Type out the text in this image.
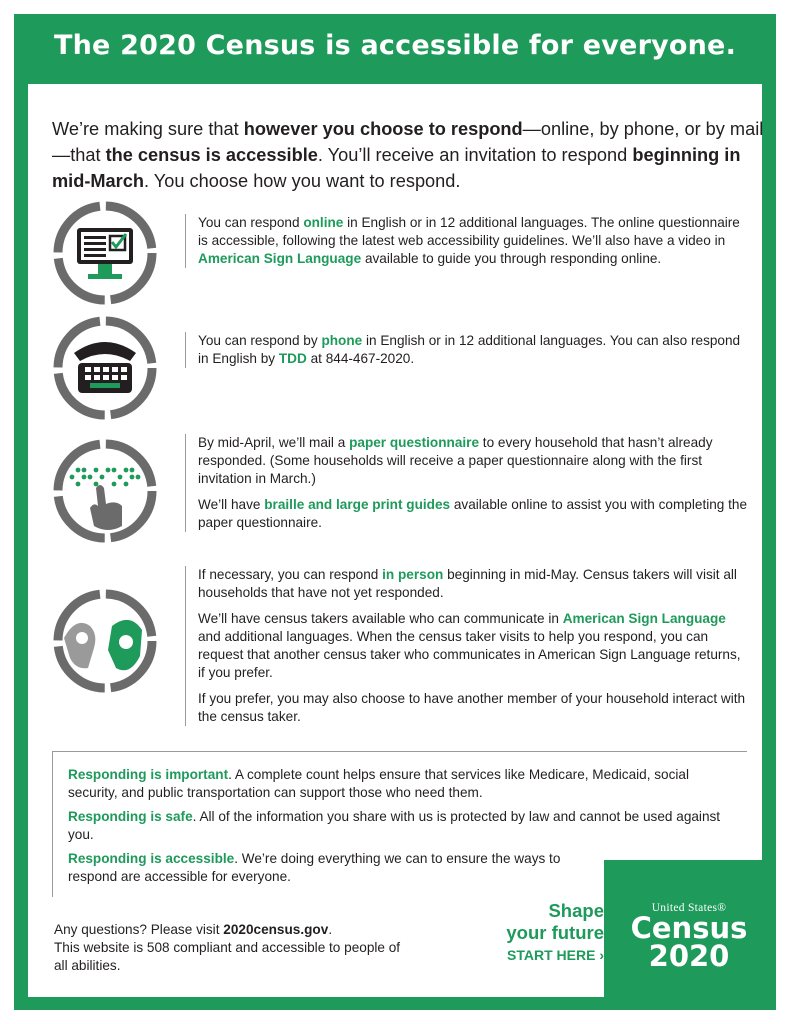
The 2020 Census is accessible for everyone.
We’re making sure that however you choose to respond—online, by phone, or by mail—that the census is accessible. You’ll receive an invitation to respond beginning in mid-March. You choose how you want to respond.

You can respond online in English or in 12 additional languages. The online questionnaire is accessible, following the latest web accessibility guidelines. We’ll also have a video in American Sign Language available to guide you through responding online.

You can respond by phone in English or in 12 additional languages. You can also respond in English by TDD at 844-467-2020.

By mid-April, we’ll mail a paper questionnaire to every household that hasn’t already responded. (Some households will receive a paper questionnaire along with the first invitation in March.)

We’ll have braille and large print guides available online to assist you with completing the paper questionnaire.

If necessary, you can respond in person beginning in mid-May. Census takers will visit all households that have not yet responded.

We’ll have census takers available who can communicate in American Sign Language and additional languages. When the census taker visits to help you respond, you can request that another census taker who communicates in American Sign Language returns, if you prefer.

If you prefer, you may also choose to have another member of your household interact with the census taker.

Responding is important. A complete count helps ensure that services like Medicare, Medicaid, social security, and public transportation can support those who need them.

Responding is safe. All of the information you share with us is protected by law and cannot be used against you.

Responding is accessible. We’re doing everything we can to ensure the ways to respond are accessible for everyone.

Any questions? Please visit 2020census.gov.
This website is 508 compliant and accessible to people of all abilities.
Shape
your future
START HERE ›
United States®
Census
2020
